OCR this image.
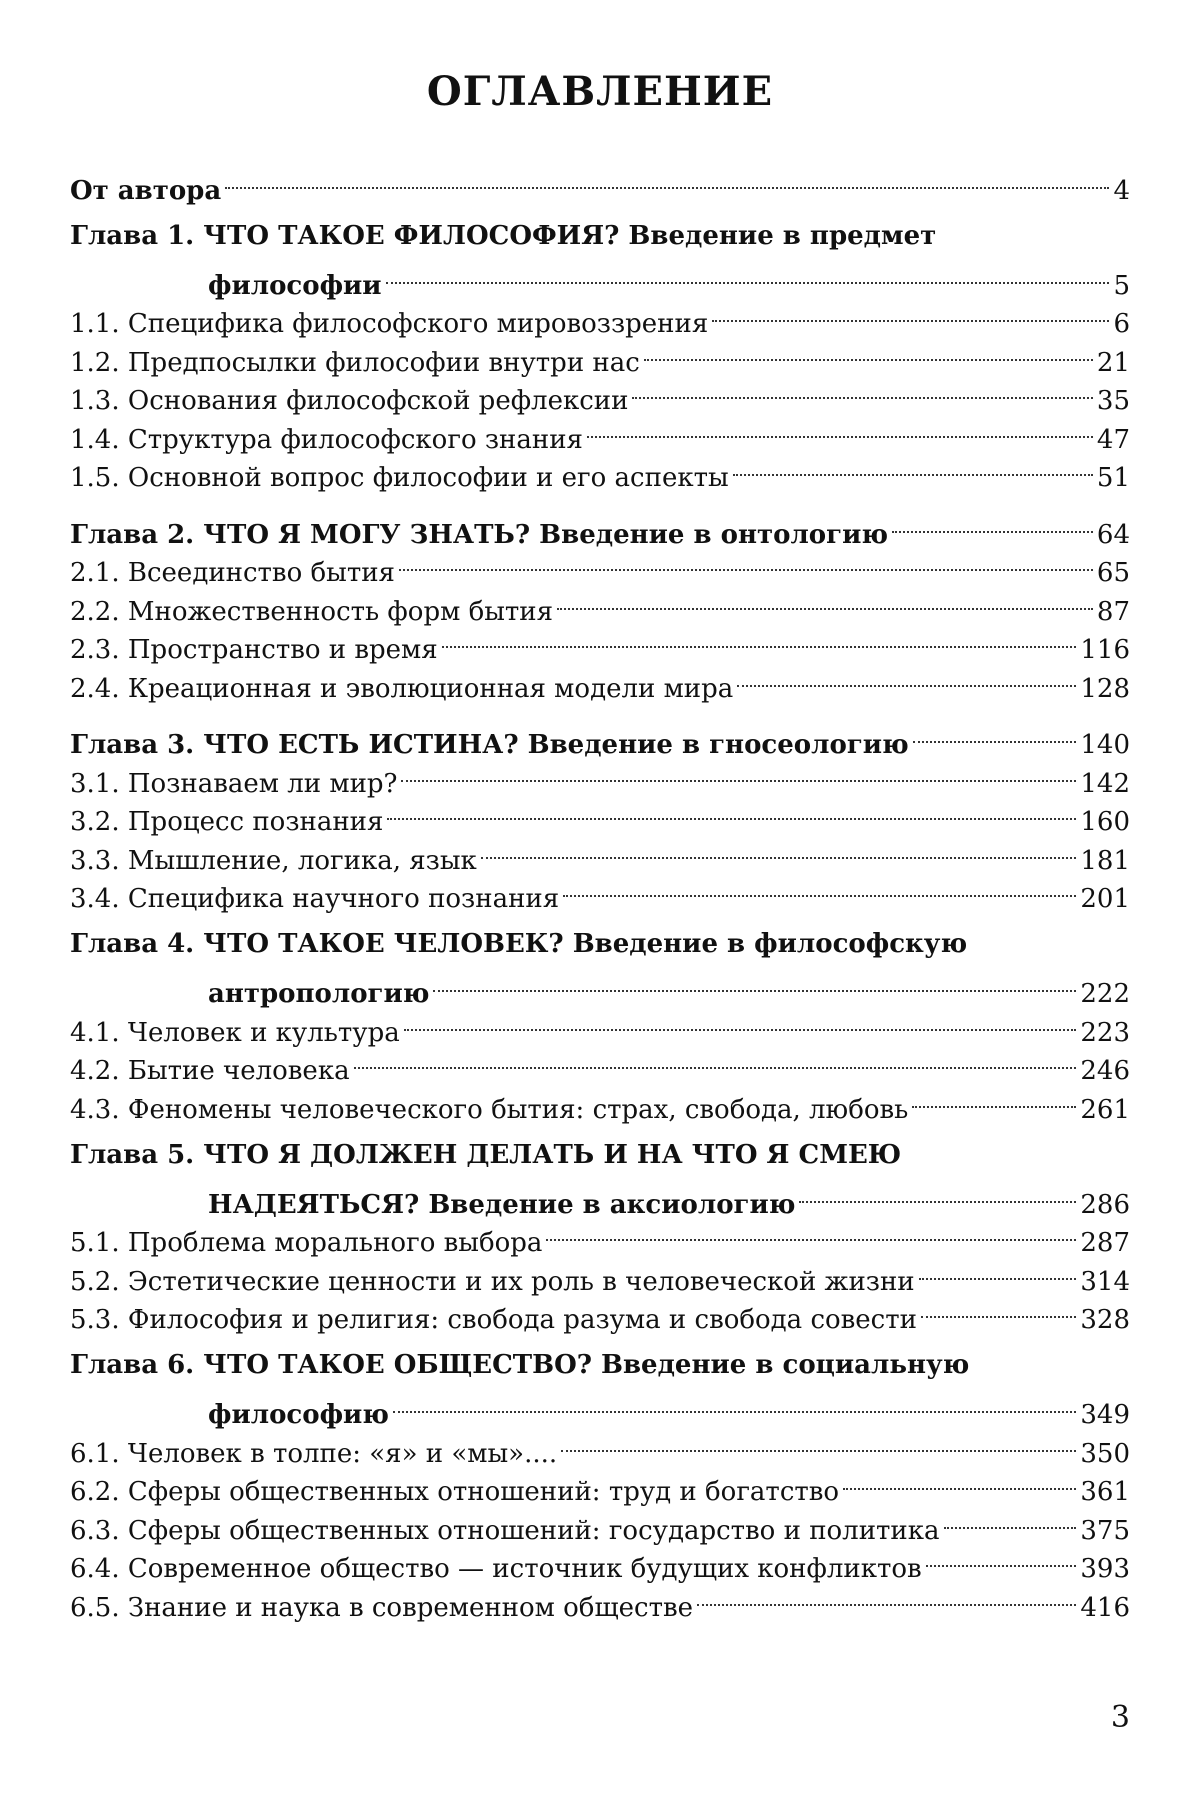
ОГЛАВЛЕНИЕ
От автора	4
Глава 1. ЧТО ТАКОЕ ФИЛОСОФИЯ? Введение в предмет
философии	5
1.1. Специфика философского мировоззрения	6
1.2. Предпосылки философии внутри нас	21
1.3. Основания философской рефлексии	35
1.4. Структура философского знания	47
1.5. Основной вопрос философии и его аспекты	51
Глава 2. ЧТО Я МОГУ ЗНАТЬ? Введение в онтологию	64
2.1. Всеединство бытия	65
2.2. Множественность форм бытия	87
2.3. Пространство и время	116
2.4. Креационная и эволюционная модели мира	128
Глава 3. ЧТО ЕСТЬ ИСТИНА? Введение в гносеологию	140
3.1. Познаваем ли мир?	142
3.2. Процесс познания	160
3.3. Мышление, логика, язык	181
3.4. Специфика научного познания	201
Глава 4. ЧТО ТАКОЕ ЧЕЛОВЕК? Введение в философскую
антропологию	222
4.1. Человек и культура	223
4.2. Бытие человека	246
4.3. Феномены человеческого бытия: страх, свобода, любовь	261
Глава 5. ЧТО Я ДОЛЖЕН ДЕЛАТЬ И НА ЧТО Я СМЕЮ
НАДЕЯТЬСЯ? Введение в аксиологию	286
5.1. Проблема морального выбора	287
5.2. Эстетические ценности и их роль в человеческой жизни	314
5.3. Философия и религия: свобода разума и свобода совести	328
Глава 6. ЧТО ТАКОЕ ОБЩЕСТВО? Введение в социальную
философию	349
6.1. Человек в толпе: «я» и «мы»....	350
6.2. Сферы общественных отношений: труд и богатство	361
6.3. Сферы общественных отношений: государство и политика	375
6.4. Современное общество — источник будущих конфликтов	393
6.5. Знание и наука в современном обществе	416
3
